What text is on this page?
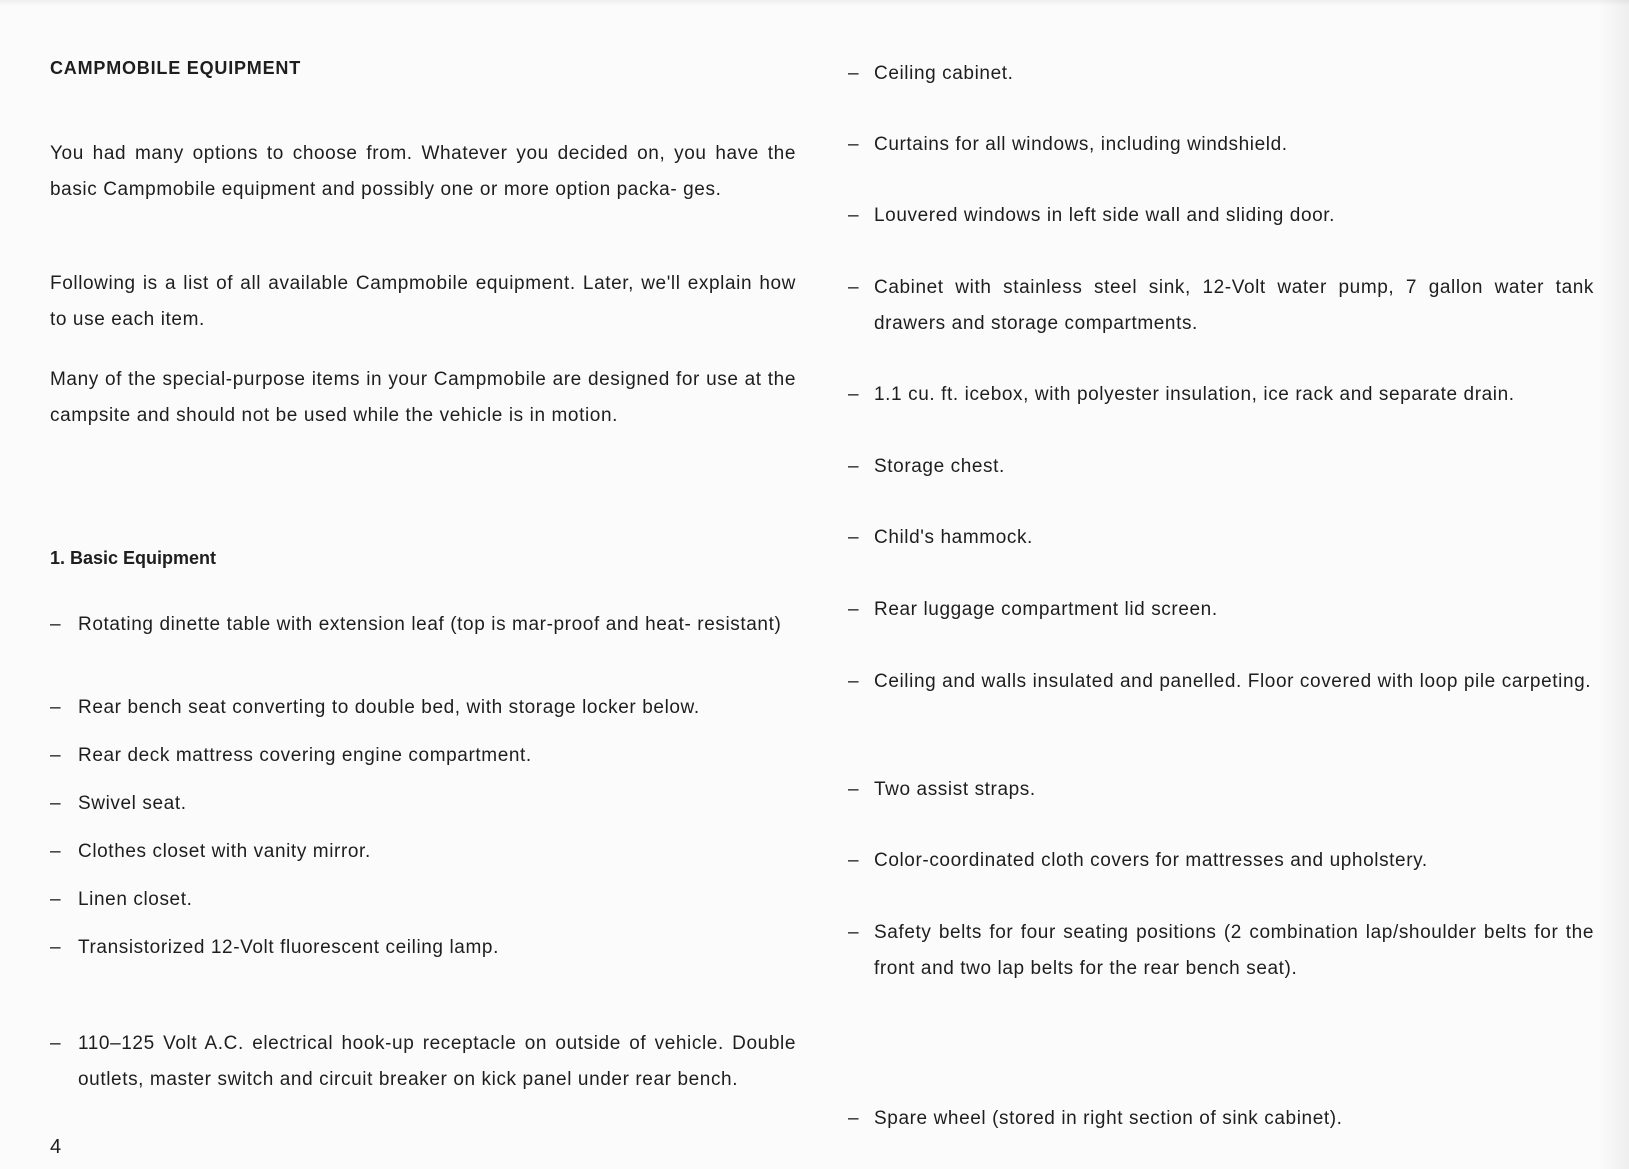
CAMPMOBILE EQUIPMENT

You had many options to choose from. Whatever you decided on, you have the basic Campmobile equipment and possibly one or more option packa- ges.

Following is a list of all available Campmobile equipment. Later, we'll explain how to use each item.

Many of the special-purpose items in your Campmobile are designed for use at the campsite and should not be used while the vehicle is in motion.

1. Basic Equipment
– Rotating dinette table with extension leaf (top is mar-proof and heat- resistant)
– Rear bench seat converting to double bed, with storage locker below.
– Rear deck mattress covering engine compartment.
– Swivel seat.
– Clothes closet with vanity mirror.
– Linen closet.
– Transistorized 12-Volt fluorescent ceiling lamp.
– 110–125 Volt A.C. electrical hook-up receptacle on outside of vehicle. Double outlets, master switch and circuit breaker on kick panel under rear bench.
– Ceiling cabinet.
– Curtains for all windows, including windshield.
– Louvered windows in left side wall and sliding door.
– Cabinet with stainless steel sink, 12-Volt water pump, 7 gallon water tank drawers and storage compartments.
– 1.1 cu. ft. icebox, with polyester insulation, ice rack and separate drain.
– Storage chest.
– Child's hammock.
– Rear luggage compartment lid screen.
– Ceiling and walls insulated and panelled. Floor covered with loop pile carpeting.
– Two assist straps.
– Color-coordinated cloth covers for mattresses and upholstery.
– Safety belts for four seating positions (2 combination lap/shoulder belts for the front and two lap belts for the rear bench seat).
– Spare wheel (stored in right section of sink cabinet).
4
